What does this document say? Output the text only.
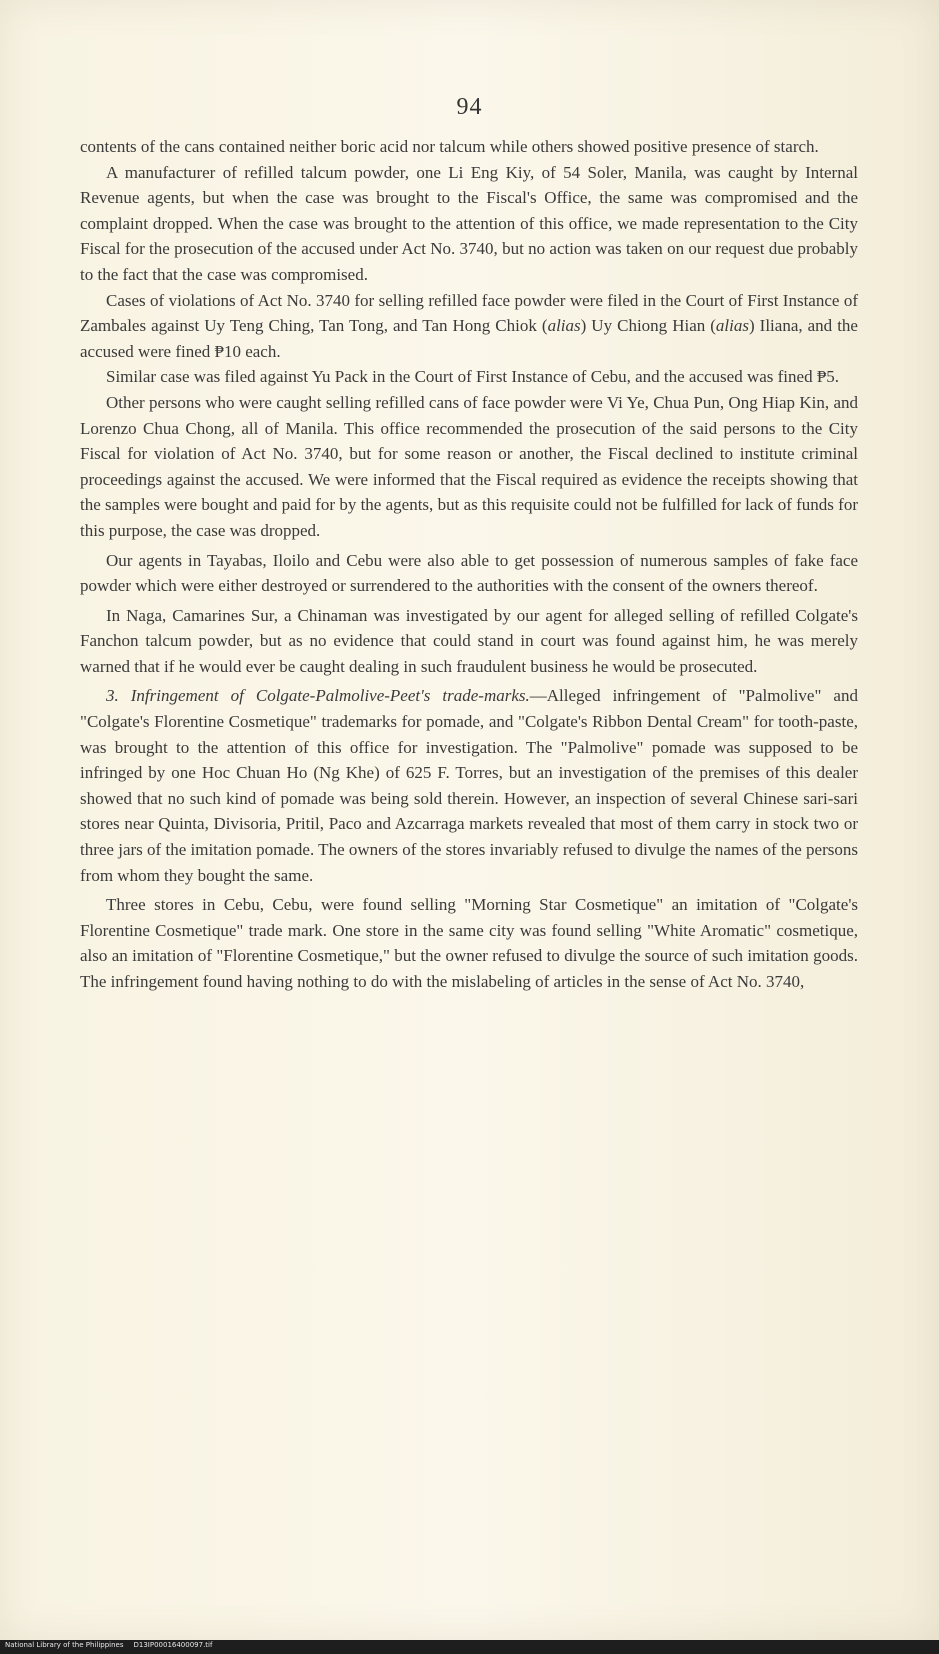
94

contents of the cans contained neither boric acid nor talcum while others showed positive presence of starch.

A manufacturer of refilled talcum powder, one Li Eng Kiy, of 54 Soler, Manila, was caught by Internal Revenue agents, but when the case was brought to the Fiscal's Office, the same was compromised and the complaint dropped. When the case was brought to the attention of this office, we made representation to the City Fiscal for the prosecution of the accused under Act No. 3740, but no action was taken on our request due probably to the fact that the case was compromised.

Cases of violations of Act No. 3740 for selling refilled face powder were filed in the Court of First Instance of Zambales against Uy Teng Ching, Tan Tong, and Tan Hong Chiok (alias) Uy Chiong Hian (alias) Iliana, and the accused were fined ₱10 each.

Similar case was filed against Yu Pack in the Court of First Instance of Cebu, and the accused was fined ₱5.

Other persons who were caught selling refilled cans of face powder were Vi Ye, Chua Pun, Ong Hiap Kin, and Lorenzo Chua Chong, all of Manila. This office recommended the prosecution of the said persons to the City Fiscal for violation of Act No. 3740, but for some reason or another, the Fiscal declined to institute criminal proceedings against the accused. We were informed that the Fiscal required as evidence the receipts showing that the samples were bought and paid for by the agents, but as this requisite could not be fulfilled for lack of funds for this purpose, the case was dropped.

Our agents in Tayabas, Iloilo and Cebu were also able to get possession of numerous samples of fake face powder which were either destroyed or surrendered to the authorities with the consent of the owners thereof.

In Naga, Camarines Sur, a Chinaman was investigated by our agent for alleged selling of refilled Colgate's Fanchon talcum powder, but as no evidence that could stand in court was found against him, he was merely warned that if he would ever be caught dealing in such fraudulent business he would be prosecuted.

3. Infringement of Colgate-Palmolive-Peet's trade-marks.—Alleged infringement of "Palmolive" and "Colgate's Florentine Cosmetique" trademarks for pomade, and "Colgate's Ribbon Dental Cream" for tooth-paste, was brought to the attention of this office for investigation. The "Palmolive" pomade was supposed to be infringed by one Hoc Chuan Ho (Ng Khe) of 625 F. Torres, but an investigation of the premises of this dealer showed that no such kind of pomade was being sold therein. However, an inspection of several Chinese sari-sari stores near Quinta, Divisoria, Pritil, Paco and Azcarraga markets revealed that most of them carry in stock two or three jars of the imitation pomade. The owners of the stores invariably refused to divulge the names of the persons from whom they bought the same.

Three stores in Cebu, Cebu, were found selling "Morning Star Cosmetique" an imitation of "Colgate's Florentine Cosmetique" trade mark. One store in the same city was found selling "White Aromatic" cosmetique, also an imitation of "Florentine Cosmetique," but the owner refused to divulge the source of such imitation goods. The infringement found having nothing to do with the mislabeling of articles in the sense of Act No. 3740,

National Library of the Philippines D13IP00016400097.tif
